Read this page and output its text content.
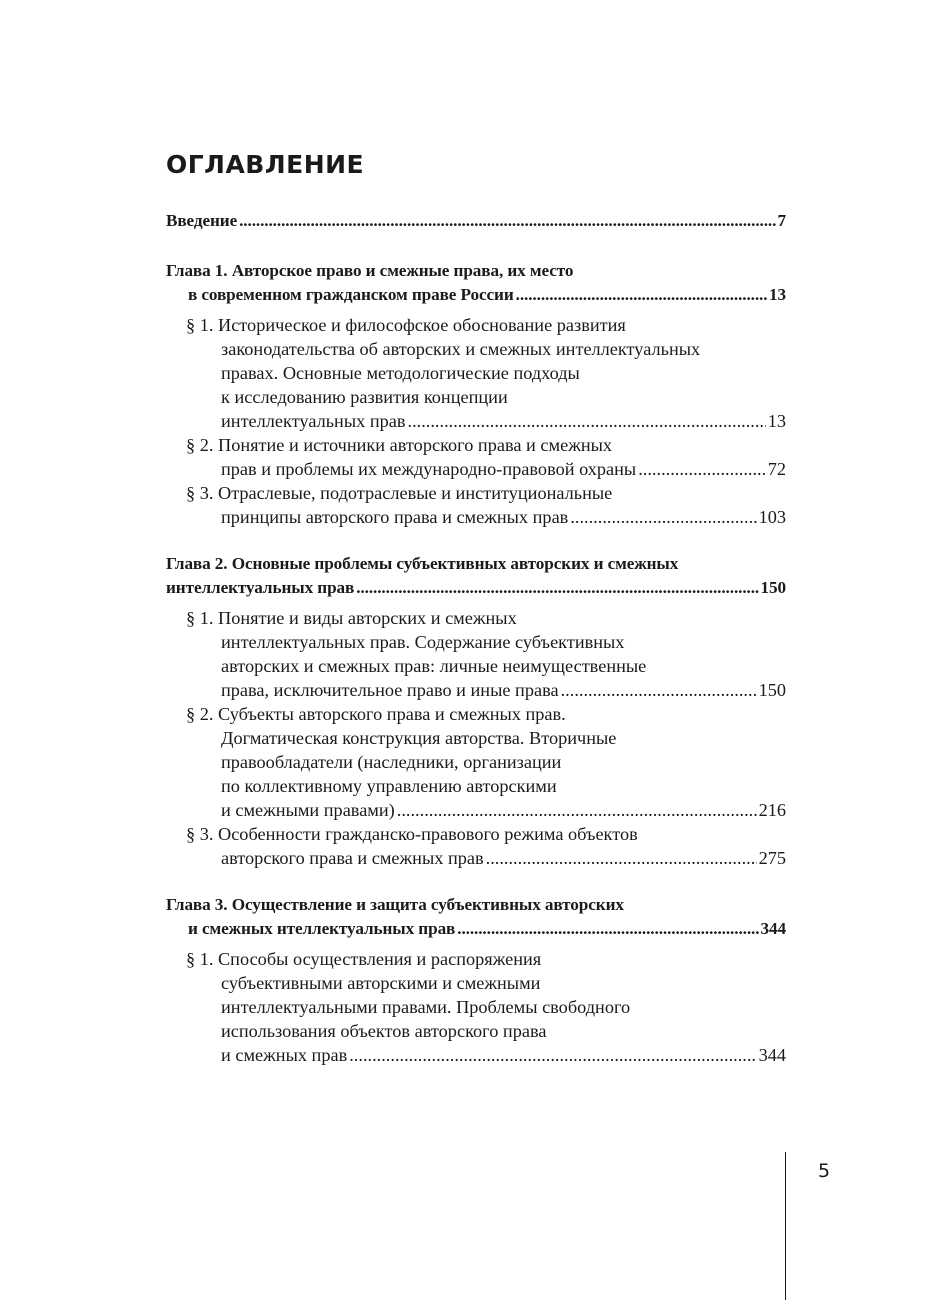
ОГЛАВЛЕНИЕ
Введение .....	7
Глава 1. Авторское право и смежные права, их место
в современном гражданском праве России .....	13
§ 1. Историческое и философское обоснование развития
законодательства об авторских и смежных интеллектуальных
правах. Основные методологические подходы
к исследованию развития концепции
интеллектуальных прав .....	13
§ 2. Понятие и источники авторского права и смежных
прав и проблемы их международно-правовой охраны .....	72
§ 3. Отраслевые, подотраслевые и институциональные
принципы авторского права и смежных прав .....	103
Глава 2. Основные проблемы субъективных авторских и смежных
интеллектуальных прав .....	150
§ 1. Понятие и виды авторских и смежных
интеллектуальных прав. Содержание субъективных
авторских и смежных прав: личные неимущественные
права, исключительное право и иные права .....	150
§ 2. Субъекты авторского права и смежных прав.
Догматическая конструкция авторства. Вторичные
правообладатели (наследники, организации
по коллективному управлению авторскими
и смежными правами) .....	216
§ 3. Особенности гражданско-правового режима объектов
авторского права и смежных прав .....	275
Глава 3. Осуществление и защита субъективных авторских
и смежных нтеллектуальных прав .....	344
§ 1. Способы осуществления и распоряжения
субъективными авторскими и смежными
интеллектуальными правами. Проблемы свободного
использования объектов авторского права
и смежных прав .....	344
5
